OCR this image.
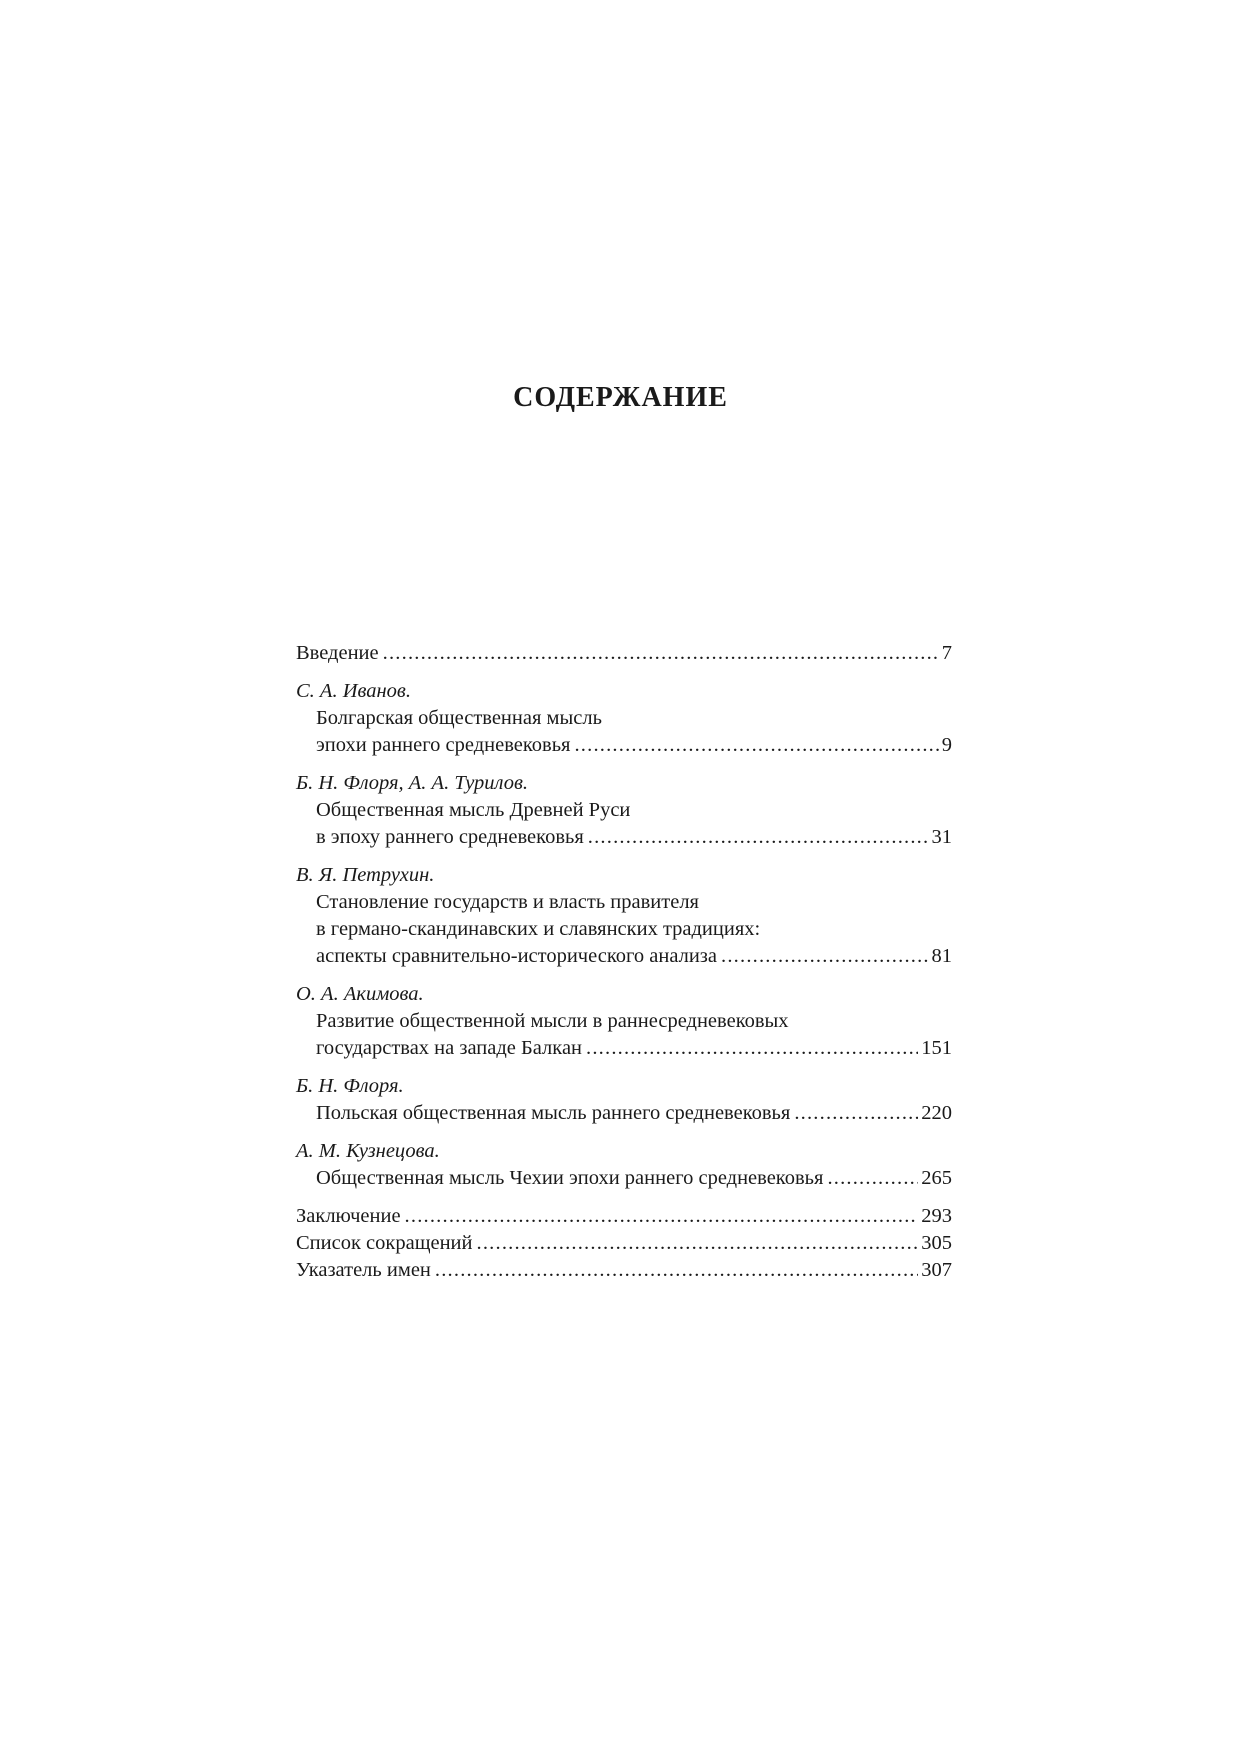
СОДЕРЖАНИЕ
Введение .....	7
С. А. Иванов.
Болгарская общественная мысль
эпохи раннего средневековья .....	9
Б. Н. Флоря, А. А. Турилов.
Общественная мысль Древней Руси
в эпоху раннего средневековья .....	31
В. Я. Петрухин.
Становление государств и власть правителя
в германо-скандинавских и славянских традициях:
аспекты сравнительно-исторического анализа .....	81
О. А. Акимова.
Развитие общественной мысли в раннесредневековых
государствах на западе Балкан .....	151
Б. Н. Флоря.
Польская общественная мысль раннего средневековья .....	220
А. М. Кузнецова.
Общественная мысль Чехии эпохи раннего средневековья .....	265
Заключение .....	293
Список сокращений .....	305
Указатель имен .....	307
